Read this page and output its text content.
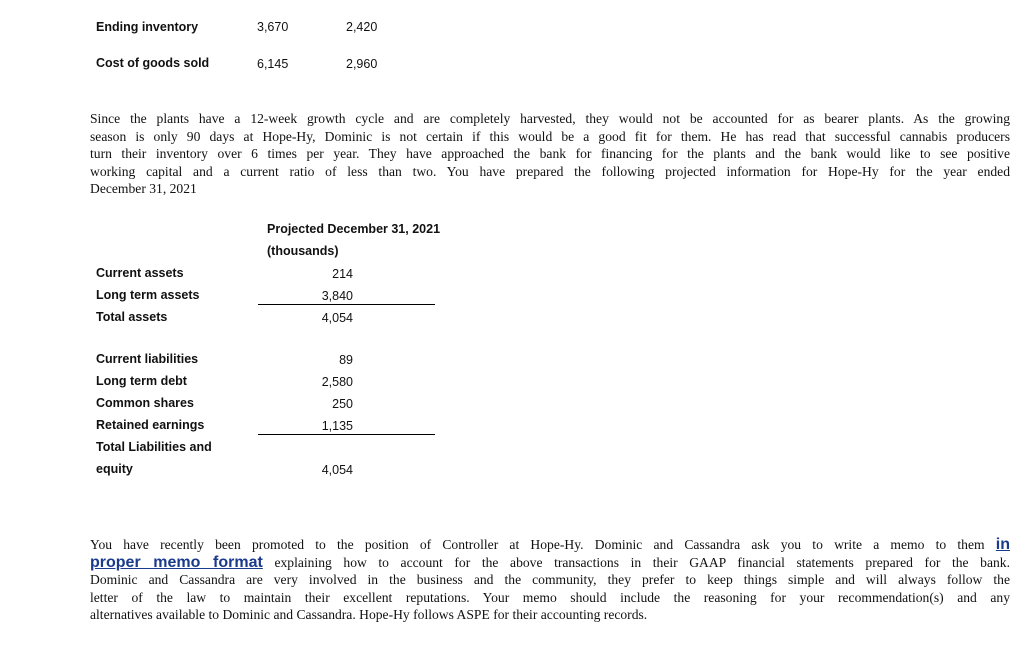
Ending inventory	3,670	2,420
Cost of goods sold	6,145	2,960
Since the plants have a 12-week growth cycle and are completely harvested, they would not be accounted for as bearer plants. As the growing
season is only 90 days at Hope-Hy, Dominic is not certain if this would be a good fit for them. He has read that successful cannabis producers
turn their inventory over 6 times per year. They have approached the bank for financing for the plants and the bank would like to see positive
working capital and a current ratio of less than two. You have prepared the following projected information for Hope-Hy for the year ended
December 31, 2021
Projected December 31, 2021
(thousands)
Current assets	214
Long term assets	3,840
Total assets	4,054
Current liabilities	89
Long term debt	2,580
Common shares	250
Retained earnings	1,135
Total Liabilities and
equity	4,054
You have recently been promoted to the position of Controller at Hope-Hy. Dominic and Cassandra ask you to write a memo to them in
proper memo format explaining how to account for the above transactions in their GAAP financial statements prepared for the bank.
Dominic and Cassandra are very involved in the business and the community, they prefer to keep things simple and will always follow the
letter of the law to maintain their excellent reputations. Your memo should include the reasoning for your recommendation(s) and any
alternatives available to Dominic and Cassandra. Hope-Hy follows ASPE for their accounting records.
